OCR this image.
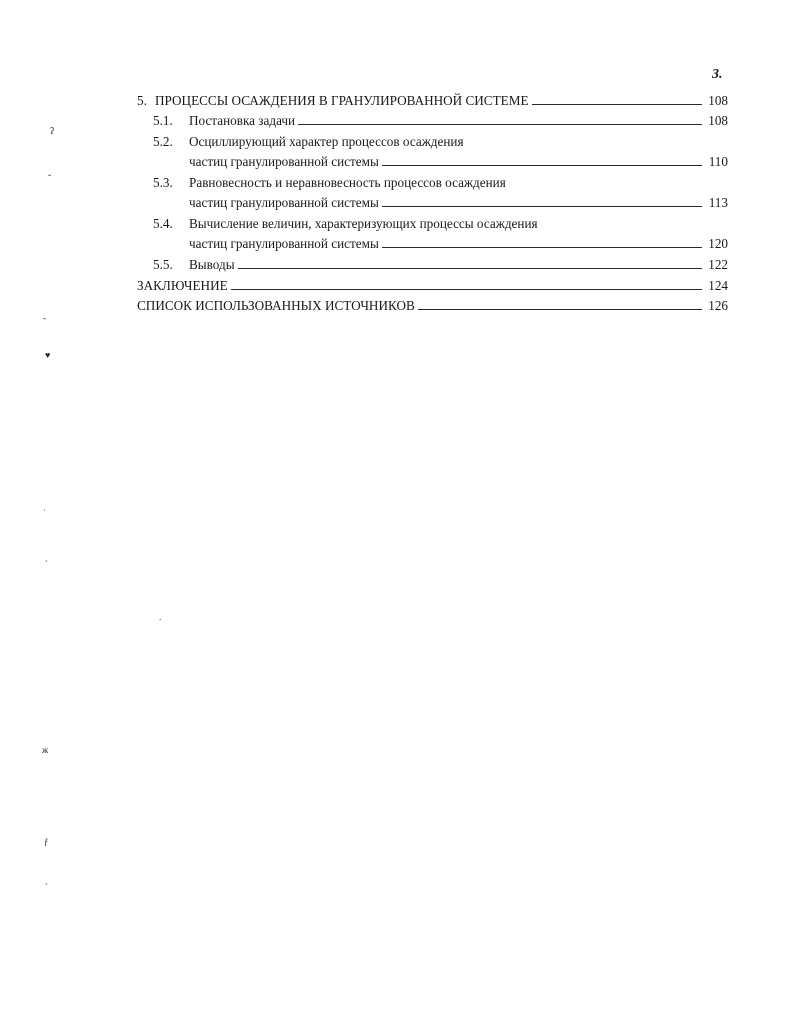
3.
5. ПРОЦЕССЫ ОСАЖДЕНИЯ В ГРАНУЛИРОВАННОЙ СИСТЕМЕ	108
5.1.	Постановка задачи	108
5.2. Осциллирующий характер процессов осаждения
частиц гранулированной системы	110
5.3. Равновесность и неравновесность процессов осаждения
частиц гранулированной системы	113
5.4. Вычисление величин, характеризующих процессы осаждения
частиц гранулированной системы	120
5.5.	Выводы	122
ЗАКЛЮЧЕНИЕ	124
СПИСОК ИСПОЛЬЗОВАННЫХ ИСТОЧНИКОВ	126
ʔ
ˇ
‐
♥
ˈ
˴
.
ж
ƒ
˴
